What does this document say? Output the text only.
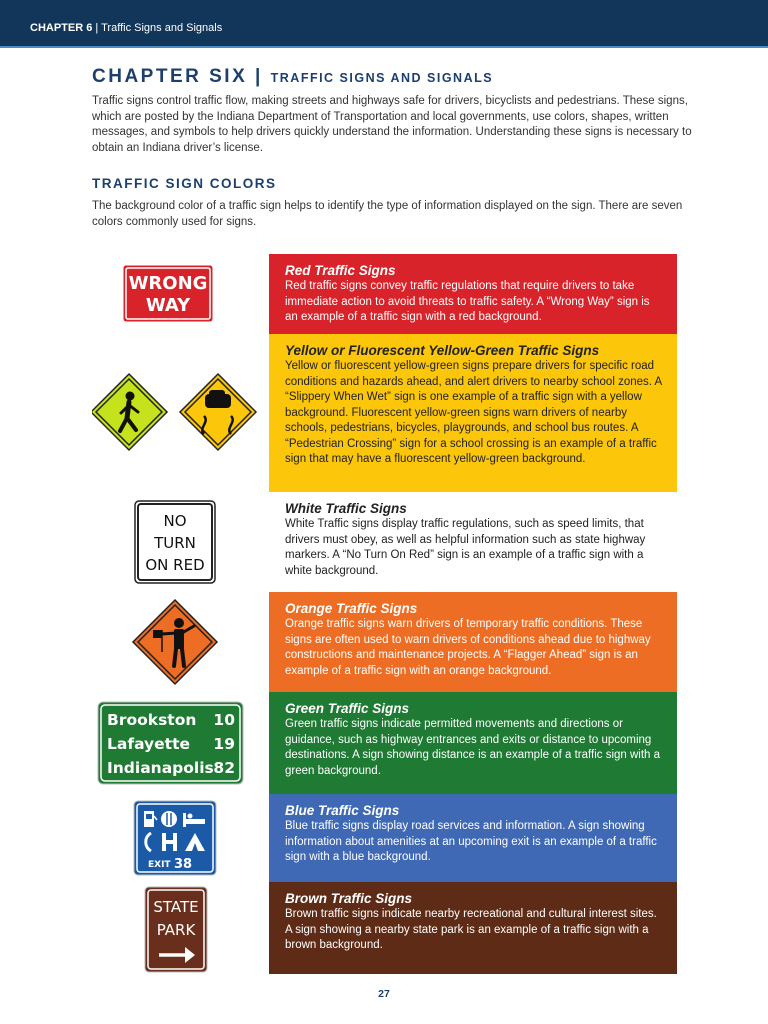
CHAPTER 6 | Traffic Signs and Signals
CHAPTER SIX | TRAFFIC SIGNS AND SIGNALS

Traffic signs control traffic flow, making streets and highways safe for drivers, bicyclists and pedestrians. These signs, which are posted by the Indiana Department of Transportation and local governments, use colors, shapes, written messages, and symbols to help drivers quickly understand the information. Understanding these signs is necessary to obtain an Indiana driver’s license.

TRAFFIC SIGN COLORS

The background color of a traffic sign helps to identify the type of information displayed on the sign. There are seven colors commonly used for signs.

WRONG
WAY
Red Traffic Signs

Red traffic signs convey traffic regulations that require drivers to take immediate action to avoid threats to traffic safety. A “Wrong Way” sign is an example of a traffic sign with a red background.

Yellow or Fluorescent Yellow-Green Traffic Signs

Yellow or fluorescent yellow-green signs prepare drivers for specific road conditions and hazards ahead, and alert drivers to nearby school zones. A “Slippery When Wet” sign is one example of a traffic sign with a yellow background. Fluorescent yellow-green signs warn drivers of nearby schools, pedestrians, bicycles, playgrounds, and school bus routes. A “Pedestrian Crossing” sign for a school crossing is an example of a traffic sign that may have a fluorescent yellow-green background.

NO
TURN
ON RED
White Traffic Signs

White Traffic signs display traffic regulations, such as speed limits, that drivers must obey, as well as helpful information such as state highway markers. A “No Turn On Red” sign is an example of a traffic sign with a white background.

Orange Traffic Signs

Orange traffic signs warn drivers of temporary traffic conditions. These signs are often used to warn drivers of conditions ahead due to highway constructions and maintenance projects. A “Flagger Ahead” sign is an example of a traffic sign with an orange background.

Brookston 10
Lafayette 19
Indianapolis 82
Green Traffic Signs

Green traffic signs indicate permitted movements and directions or guidance, such as highway entrances and exits or distance to upcoming destinations. A sign showing distance is an example of a traffic sign with a green background.

EXIT 38
Blue Traffic Signs

Blue traffic signs display road services and information. A sign showing information about amenities at an upcoming exit is an example of a traffic sign with a blue background.

STATE
PARK
Brown Traffic Signs

Brown traffic signs indicate nearby recreational and cultural interest sites. A sign showing a nearby state park is an example of a traffic sign with a brown background.

27
